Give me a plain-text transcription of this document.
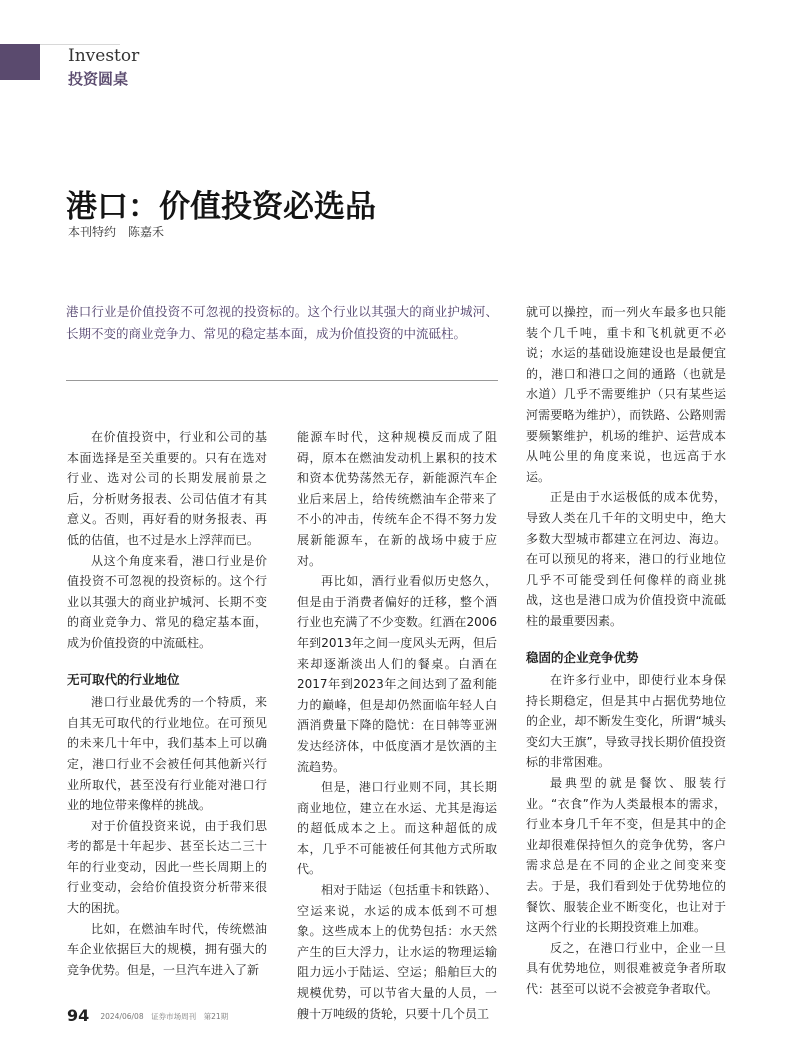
Investor
投资圆桌
港口：价值投资必选品
本刊特约　陈嘉禾
港口行业是价值投资不可忽视的投资标的。这个行业以其强大的商业护城河、长期不变的商业竞争力、常见的稳定基本面，成为价值投资的中流砥柱。

在价值投资中，行业和公司的基本面选择是至关重要的。只有在选对行业、选对公司的长期发展前景之后，分析财务报表、公司估值才有其意义。否则，再好看的财务报表、再低的估值，也不过是水上浮萍而已。

从这个角度来看，港口行业是价值投资不可忽视的投资标的。这个行业以其强大的商业护城河、长期不变的商业竞争力、常见的稳定基本面，成为价值投资的中流砥柱。

无可取代的行业地位

港口行业最优秀的一个特质，来自其无可取代的行业地位。在可预见的未来几十年中，我们基本上可以确定，港口行业不会被任何其他新兴行业所取代，甚至没有行业能对港口行业的地位带来像样的挑战。

对于价值投资来说，由于我们思考的都是十年起步、甚至长达二三十年的行业变动，因此一些长周期上的行业变动，会给价值投资分析带来很大的困扰。

比如，在燃油车时代，传统燃油车企业依据巨大的规模，拥有强大的竞争优势。但是，一旦汽车进入了新

能源车时代，这种规模反而成了阻碍，原本在燃油发动机上累积的技术和资本优势荡然无存，新能源汽车企业后来居上，给传统燃油车企带来了不小的冲击，传统车企不得不努力发展新能源车，在新的战场中疲于应对。

再比如，酒行业看似历史悠久，但是由于消费者偏好的迁移，整个酒行业也充满了不少变数。红酒在2006年到2013年之间一度风头无两，但后来却逐渐淡出人们的餐桌。白酒在2017年到2023年之间达到了盈利能力的巅峰，但是却仍然面临年轻人白酒消费量下降的隐忧：在日韩等亚洲发达经济体，中低度酒才是饮酒的主流趋势。

但是，港口行业则不同，其长期商业地位，建立在水运、尤其是海运的超低成本之上。而这种超低的成本，几乎不可能被任何其他方式所取代。

相对于陆运（包括重卡和铁路）、空运来说，水运的成本低到不可想象。这些成本上的优势包括：水天然产生的巨大浮力，让水运的物理运输阻力远小于陆运、空运；船舶巨大的规模优势，可以节省大量的人员，一艘十万吨级的货轮，只要十几个员工

就可以操控，而一列火车最多也只能装个几千吨，重卡和飞机就更不必说；水运的基础设施建设也是最便宜的，港口和港口之间的通路（也就是水道）几乎不需要维护（只有某些运河需要略为维护），而铁路、公路则需要频繁维护，机场的维护、运营成本从吨公里的角度来说，也远高于水运。

正是由于水运极低的成本优势，导致人类在几千年的文明史中，绝大多数大型城市都建立在河边、海边。在可以预见的将来，港口的行业地位几乎不可能受到任何像样的商业挑战，这也是港口成为价值投资中流砥柱的最重要因素。

稳固的企业竞争优势

在许多行业中，即使行业本身保持长期稳定，但是其中占据优势地位的企业，却不断发生变化，所谓“城头变幻大王旗”，导致寻找长期价值投资标的非常困难。

最典型的就是餐饮、服装行业。“衣食”作为人类最根本的需求，行业本身几千年不变，但是其中的企业却很难保持恒久的竞争优势，客户需求总是在不同的企业之间变来变去。于是，我们看到处于优势地位的餐饮、服装企业不断变化，也让对于这两个行业的长期投资难上加难。

反之，在港口行业中，企业一旦具有优势地位，则很难被竞争者所取代：甚至可以说不会被竞争者取代。

94 2024/06/08　证券市场周刊　第21期
